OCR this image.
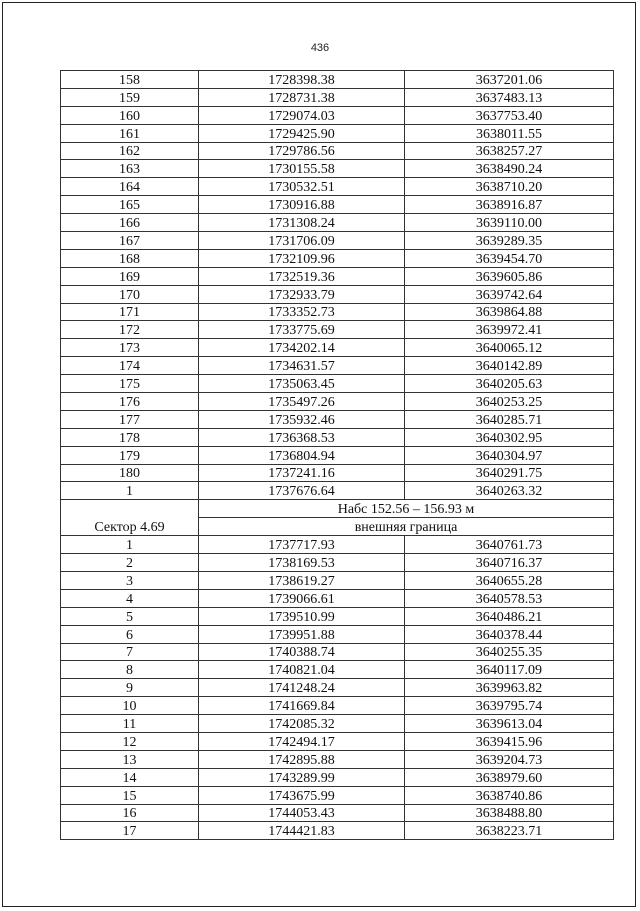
436
158	1728398.38	3637201.06
159	1728731.38	3637483.13
160	1729074.03	3637753.40
161	1729425.90	3638011.55
162	1729786.56	3638257.27
163	1730155.58	3638490.24
164	1730532.51	3638710.20
165	1730916.88	3638916.87
166	1731308.24	3639110.00
167	1731706.09	3639289.35
168	1732109.96	3639454.70
169	1732519.36	3639605.86
170	1732933.79	3639742.64
171	1733352.73	3639864.88
172	1733775.69	3639972.41
173	1734202.14	3640065.12
174	1734631.57	3640142.89
175	1735063.45	3640205.63
176	1735497.26	3640253.25
177	1735932.46	3640285.71
178	1736368.53	3640302.95
179	1736804.94	3640304.97
180	1737241.16	3640291.75
1	1737676.64	3640263.32
Сектор 4.69	Набс 152.56 – 156.93 м	
	внешняя граница	
1	1737717.93	3640761.73
2	1738169.53	3640716.37
3	1738619.27	3640655.28
4	1739066.61	3640578.53
5	1739510.99	3640486.21
6	1739951.88	3640378.44
7	1740388.74	3640255.35
8	1740821.04	3640117.09
9	1741248.24	3639963.82
10	1741669.84	3639795.74
11	1742085.32	3639613.04
12	1742494.17	3639415.96
13	1742895.88	3639204.73
14	1743289.99	3638979.60
15	1743675.99	3638740.86
16	1744053.43	3638488.80
17	1744421.83	3638223.71
